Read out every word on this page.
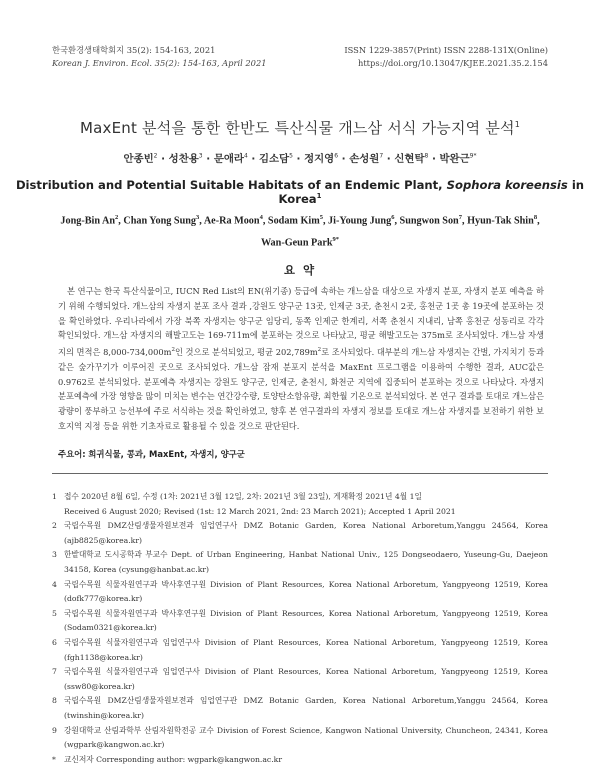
한국환경생태학회지 35(2): 154-163, 2021
Korean J. Environ. Ecol. 35(2): 154-163, April 2021
ISSN 1229-3857(Print) ISSN 2288-131X(Online)
https://doi.org/10.13047/KJEE.2021.35.2.154
MaxEnt 분석을 통한 한반도 특산식물 개느삼 서식 가능지역 분석$^1$
안종빈$^2$ · 성찬용$^3$ · 문애라$^4$ · 김소담$^5$ · 정지영$^6$ · 손성원$^7$ · 신현탁$^8$ · 박완근$^{9*}$
Distribution and Potential Suitable Habitats of an Endemic Plant, Sophora koreensis in Korea$^1$
Jong-Bin An$^2$, Chan Yong Sung$^3$, Ae-Ra Moon$^4$, Sodam Kim$^5$, Ji-Young Jung$^6$, Sungwon Son$^7$, Hyun-Tak Shin$^8$,
Wan-Geun Park$^{9*}$
요 약

본 연구는 한국 특산식물이고, IUCN Red List의 EN(위기종) 등급에 속하는 개느삼을 대상으로 자생지 분포, 자생지 분포 예측을 하기 위해 수행되었다. 개느삼의 자생지 분포 조사 결과 ,강원도 양구군 13곳, 인제군 3곳, 춘천시 2곳, 홍천군 1곳 총 19곳에 분포하는 것을 확인하였다. 우리나라에서 가장 북쪽 자생지는 양구군 임당리, 동쪽 인제군 한계리, 서쪽 춘천시 지내리, 남쪽 홍천군 성동리로 각각 확인되었다. 개느삼 자생지의 해발고도는 169-711m에 분포하는 것으로 나타났고, 평균 해발고도는 375m로 조사되었다. 개느삼 자생지의 면적은 $8,000-734,000m^2$인 것으로 분석되었고, 평균 $202,789m^2$로 조사되었다. 대부분의 개느삼 자생지는 간벌, 가지치기 등과 같은 숲가꾸기가 이루어진 곳으로 조사되었다. 개느삼 잠재 분포지 분석을 MaxEnt 프로그램을 이용하여 수행한 결과, AUC값은 0.9762로 분석되었다. 분포예측 자생지는 강원도 양구군, 인제군, 춘천시, 화천군 지역에 집중되어 분포하는 것으로 나타났다. 자생지 분포예측에 가장 영향을 많이 미치는 변수는 연간강수량, 토양탄소함유량, 최한월 기온으로 분석되었다. 본 연구 결과를 토대로 개느삼은 광량이 풍부하고 능선부에 주로 서식하는 것을 확인하였고, 향후 본 연구결과의 자생지 정보를 토대로 개느삼 자생지를 보전하기 위한 보호지역 지정 등을 위한 기초자료로 활용될 수 있을 것으로 판단된다.

주요어: 희귀식물, 콩과, MaxEnt, 자생지, 양구군
1 접수 2020년 8월 6일, 수정 (1차: 2021년 3월 12일, 2차: 2021년 3월 23일), 게재확정 2021년 4월 1일
Received 6 August 2020; Revised (1st: 12 March 2021, 2nd: 23 March 2021); Accepted 1 April 2021
2 국립수목원 DMZ산림생물자원보전과 임업연구사 DMZ Botanic Garden, Korea National Arboretum,Yanggu 24564, Korea (ajb8825@korea.kr)
3 한밭대학교 도시공학과 부교수 Dept. of Urban Engineering, Hanbat National Univ., 125 Dongseodaero, Yuseung-Gu, Daejeon 34158, Korea (cysung@hanbat.ac.kr)
4 국립수목원 식물자원연구과 박사후연구원 Division of Plant Resources, Korea National Arboretum, Yangpyeong 12519, Korea (dofk777@korea.kr)
5 국립수목원 식물자원연구과 박사후연구원 Division of Plant Resources, Korea National Arboretum, Yangpyeong 12519, Korea (Sodam0321@korea.kr)
6 국립수목원 식물자원연구과 임업연구사 Division of Plant Resources, Korea National Arboretum, Yangpyeong 12519, Korea (fgh1138@korea.kr)
7 국립수목원 식물자원연구과 임업연구사 Division of Plant Resources, Korea National Arboretum, Yangpyeong 12519, Korea (ssw80@korea.kr)
8 국립수목원 DMZ산림생물자원보전과 임업연구관 DMZ Botanic Garden, Korea National Arboretum,Yanggu 24564, Korea (twinshin@korea.kr)
9 강원대학교 산림과학부 산림자원학전공 교수 Division of Forest Science, Kangwon National University, Chuncheon, 24341, Korea (wgpark@kangwon.ac.kr)
* 교신저자 Corresponding author: wgpark@kangwon.ac.kr
